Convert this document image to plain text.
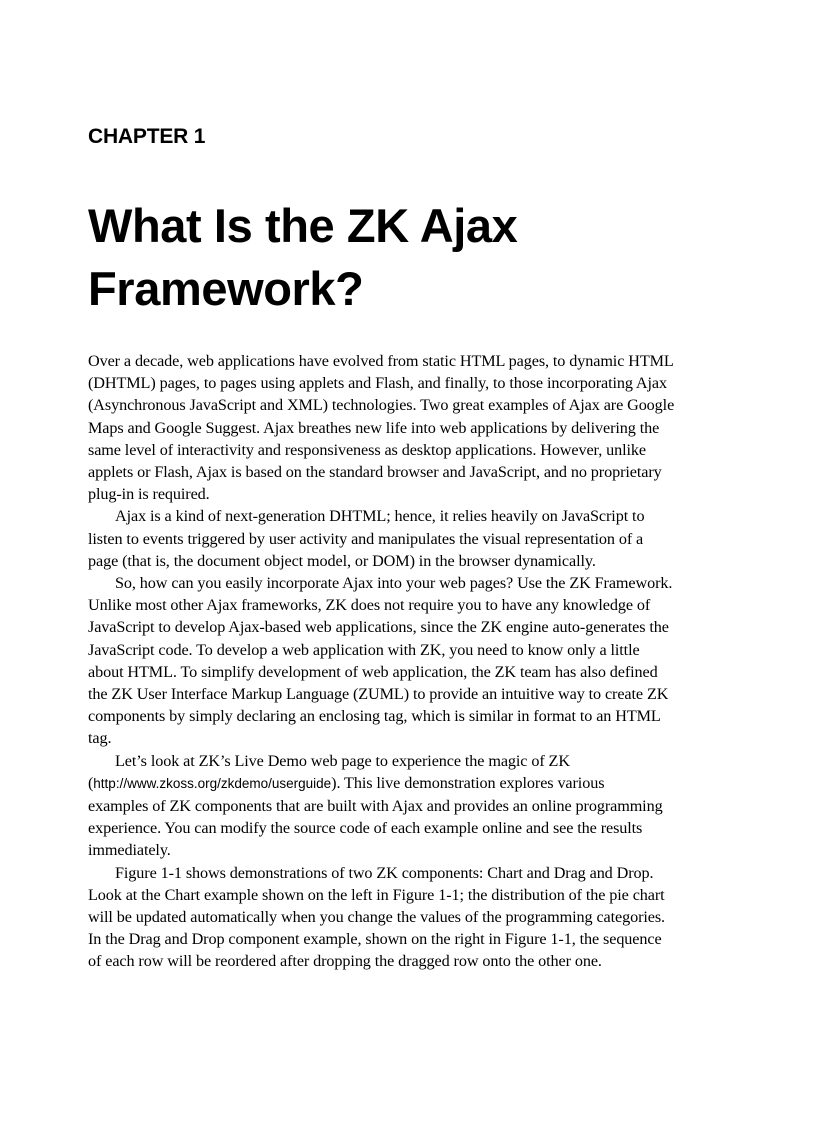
CHAPTER 1
What Is the ZK Ajax
Framework?
Over a decade, web applications have evolved from static HTML pages, to dynamic HTML
(DHTML) pages, to pages using applets and Flash, and finally, to those incorporating Ajax
(Asynchronous JavaScript and XML) technologies. Two great examples of Ajax are Google
Maps and Google Suggest. Ajax breathes new life into web applications by delivering the
same level of interactivity and responsiveness as desktop applications. However, unlike
applets or Flash, Ajax is based on the standard browser and JavaScript, and no proprietary
plug-in is required.
Ajax is a kind of next-generation DHTML; hence, it relies heavily on JavaScript to
listen to events triggered by user activity and manipulates the visual representation of a
page (that is, the document object model, or DOM) in the browser dynamically.
So, how can you easily incorporate Ajax into your web pages? Use the ZK Framework.
Unlike most other Ajax frameworks, ZK does not require you to have any knowledge of
JavaScript to develop Ajax-based web applications, since the ZK engine auto-generates the
JavaScript code. To develop a web application with ZK, you need to know only a little
about HTML. To simplify development of web application, the ZK team has also defined
the ZK User Interface Markup Language (ZUML) to provide an intuitive way to create ZK
components by simply declaring an enclosing tag, which is similar in format to an HTML
tag.
Let’s look at ZK’s Live Demo web page to experience the magic of ZK
(http://www.zkoss.org/zkdemo/userguide). This live demonstration explores various
examples of ZK components that are built with Ajax and provides an online programming
experience. You can modify the source code of each example online and see the results
immediately.
Figure 1-1 shows demonstrations of two ZK components: Chart and Drag and Drop.
Look at the Chart example shown on the left in Figure 1-1; the distribution of the pie chart
will be updated automatically when you change the values of the programming categories.
In the Drag and Drop component example, shown on the right in Figure 1-1, the sequence
of each row will be reordered after dropping the dragged row onto the other one.
